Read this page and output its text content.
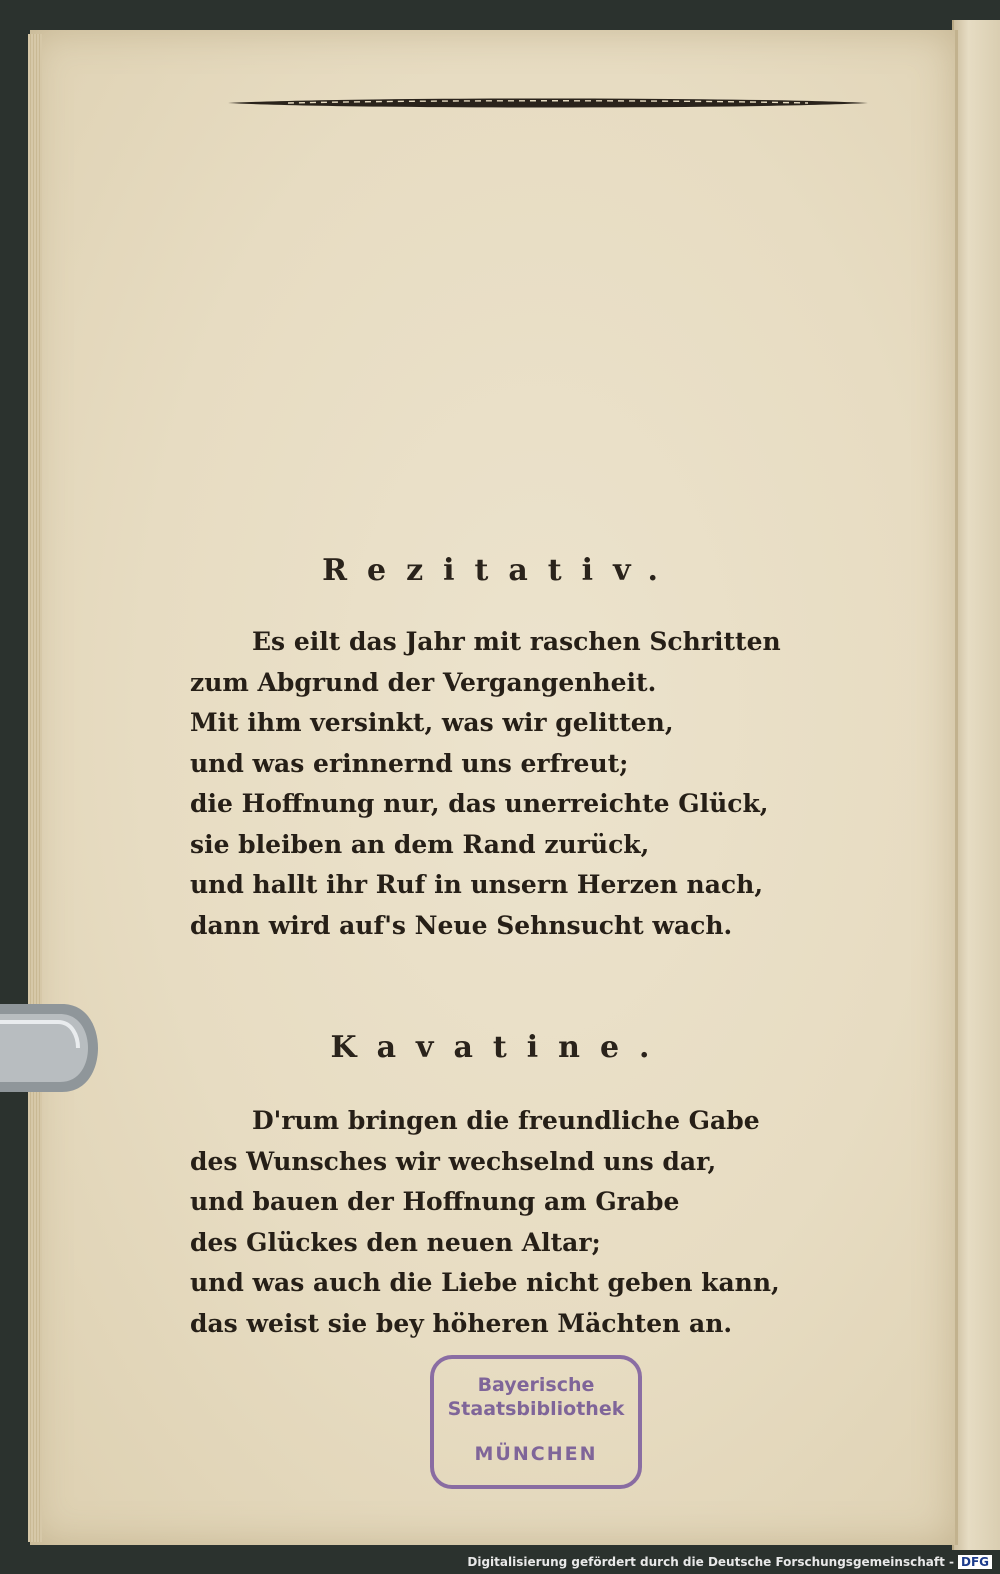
Rezitativ.
Es eilt das Jahr mit raschen Schritten
zum Abgrund der Vergangenheit.
Mit ihm versinkt, was wir gelitten,
und was erinnernd uns erfreut;
die Hoffnung nur, das unerreichte Glück,
sie bleiben an dem Rand zurück,
und hallt ihr Ruf in unsern Herzen nach,
dann wird auf's Neue Sehnsucht wach.
Kavatine.
D'rum bringen die freundliche Gabe
des Wunsches wir wechselnd uns dar,
und bauen der Hoffnung am Grabe
des Glückes den neuen Altar;
und was auch die Liebe nicht geben kann,
das weist sie bey höheren Mächten an.
Bayerische
Staatsbibliothek
MÜNCHEN
Digitalisierung gefördert durch die Deutsche Forschungsgemeinschaft - DFG
